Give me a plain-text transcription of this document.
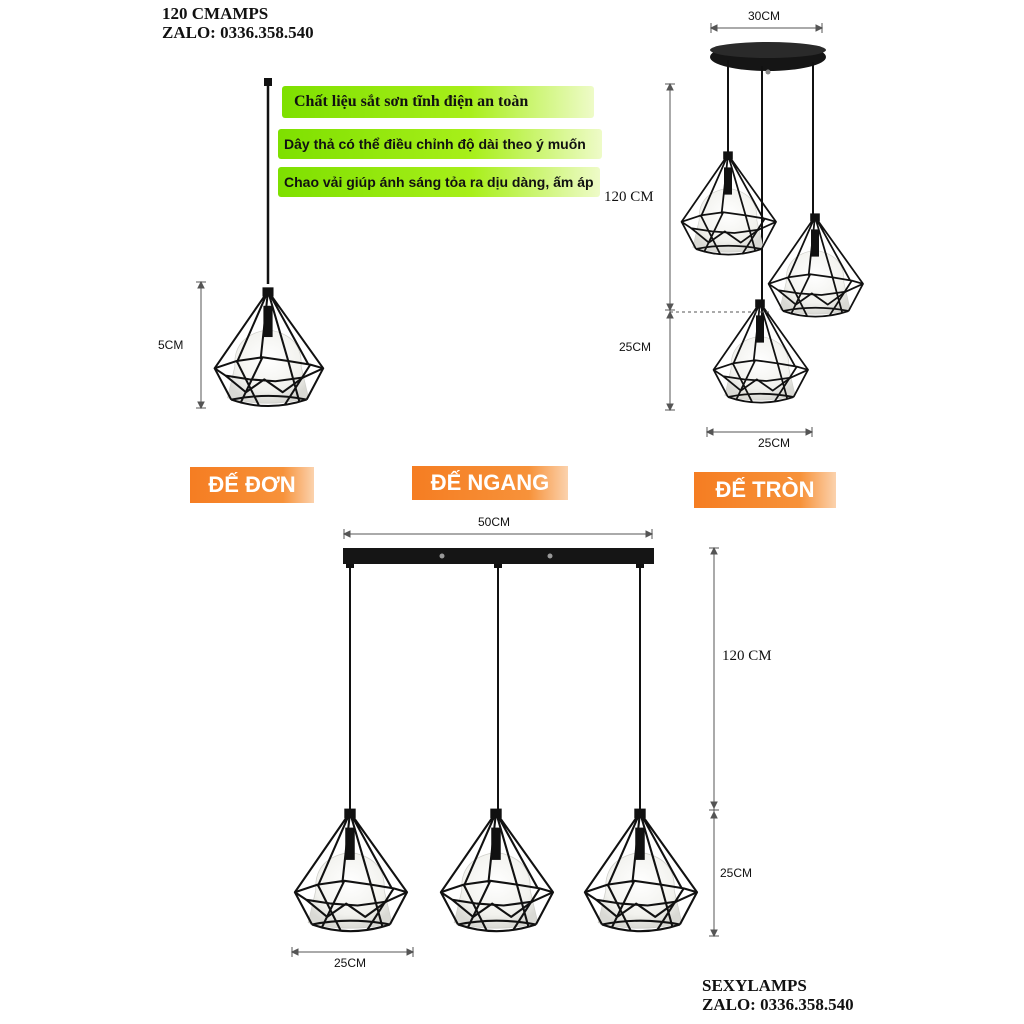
120 CMAMPS
ZALO: 0336.358.540
Chất liệu sắt sơn tĩnh điện an toàn
Dây thả có thể điều chỉnh độ dài theo ý muốn
Chao vải giúp ánh sáng tỏa ra dịu dàng, ấm áp
5CM
30CM
120 CM
25CM
25CM
50CM
120 CM
25CM
25CM
ĐẾ ĐƠN	ĐẾ NGANG	ĐẾ TRÒN
SEXYLAMPS
ZALO: 0336.358.540
